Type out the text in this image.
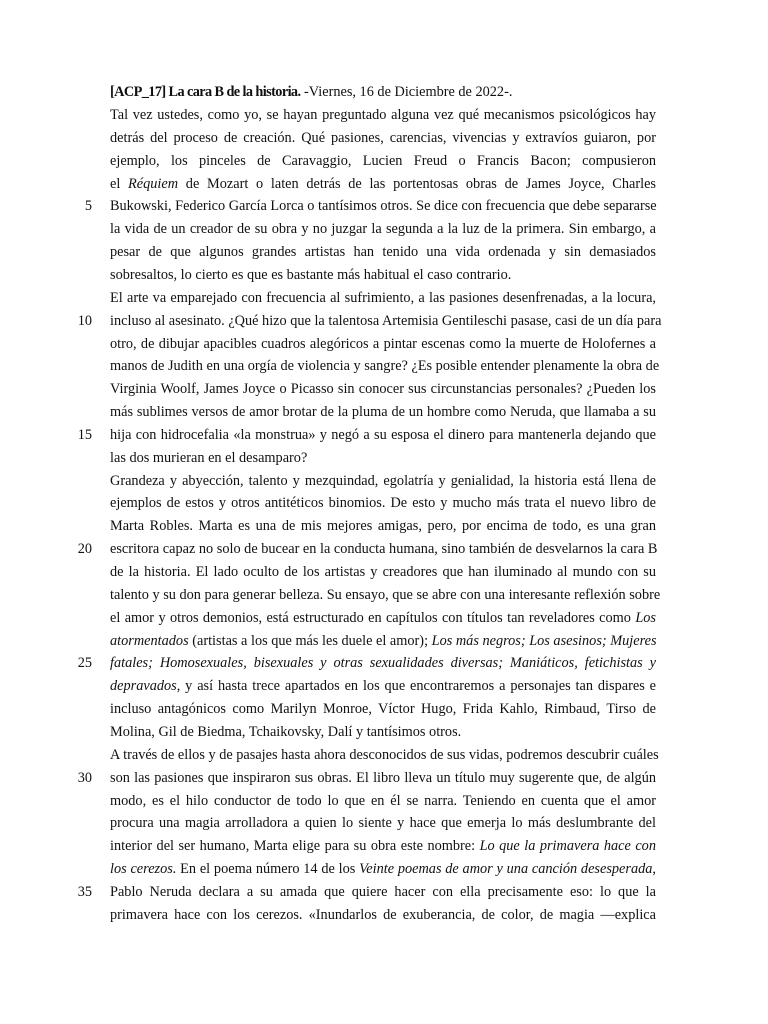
[ACP_17] La cara B de la historia. -Viernes, 16 de Diciembre de 2022-.
Tal vez ustedes, como yo, se hayan preguntado alguna vez qué mecanismos psicológicos hay
detrás del proceso de creación. Qué pasiones, carencias, vivencias y extravíos guiaron, por
ejemplo, los pinceles de Caravaggio, Lucien Freud o Francis Bacon; compusieron
el Réquiem de Mozart o laten detrás de las portentosas obras de James Joyce, Charles
Bukowski, Federico García Lorca o tantísimos otros. Se dice con frecuencia que debe separarse
la vida de un creador de su obra y no juzgar la segunda a la luz de la primera. Sin embargo, a
pesar de que algunos grandes artistas han tenido una vida ordenada y sin demasiados
sobresaltos, lo cierto es que es bastante más habitual el caso contrario.
El arte va emparejado con frecuencia al sufrimiento, a las pasiones desenfrenadas, a la locura,
incluso al asesinato. ¿Qué hizo que la talentosa Artemisia Gentileschi pasase, casi de un día para
otro, de dibujar apacibles cuadros alegóricos a pintar escenas como la muerte de Holofernes a
manos de Judith en una orgía de violencia y sangre? ¿Es posible entender plenamente la obra de
Virginia Woolf, James Joyce o Picasso sin conocer sus circunstancias personales? ¿Pueden los
más sublimes versos de amor brotar de la pluma de un hombre como Neruda, que llamaba a su
hija con hidrocefalia «la monstrua» y negó a su esposa el dinero para mantenerla dejando que
las dos murieran en el desamparo?
Grandeza y abyección, talento y mezquindad, egolatría y genialidad, la historia está llena de
ejemplos de estos y otros antitéticos binomios. De esto y mucho más trata el nuevo libro de
Marta Robles. Marta es una de mis mejores amigas, pero, por encima de todo, es una gran
escritora capaz no solo de bucear en la conducta humana, sino también de desvelarnos la cara B
de la historia. El lado oculto de los artistas y creadores que han iluminado al mundo con su
talento y su don para generar belleza. Su ensayo, que se abre con una interesante reflexión sobre
el amor y otros demonios, está estructurado en capítulos con títulos tan reveladores como Los
atormentados (artistas a los que más les duele el amor); Los más negros; Los asesinos; Mujeres
fatales; Homosexuales, bisexuales y otras sexualidades diversas; Maniáticos, fetichistas y
depravados, y así hasta trece apartados en los que encontraremos a personajes tan dispares e
incluso antagónicos como Marilyn Monroe, Víctor Hugo, Frida Kahlo, Rimbaud, Tirso de
Molina, Gil de Biedma, Tchaikovsky, Dalí y tantísimos otros.
A través de ellos y de pasajes hasta ahora desconocidos de sus vidas, podremos descubrir cuáles
son las pasiones que inspiraron sus obras. El libro lleva un título muy sugerente que, de algún
modo, es el hilo conductor de todo lo que en él se narra. Teniendo en cuenta que el amor
procura una magia arrolladora a quien lo siente y hace que emerja lo más deslumbrante del
interior del ser humano, Marta elige para su obra este nombre: Lo que la primavera hace con
los cerezos. En el poema número 14 de los Veinte poemas de amor y una canción desesperada,
Pablo Neruda declara a su amada que quiere hacer con ella precisamente eso: lo que la
primavera hace con los cerezos. «Inundarlos de exuberancia, de color, de magia —explica
5
10
15
20
25
30
35
